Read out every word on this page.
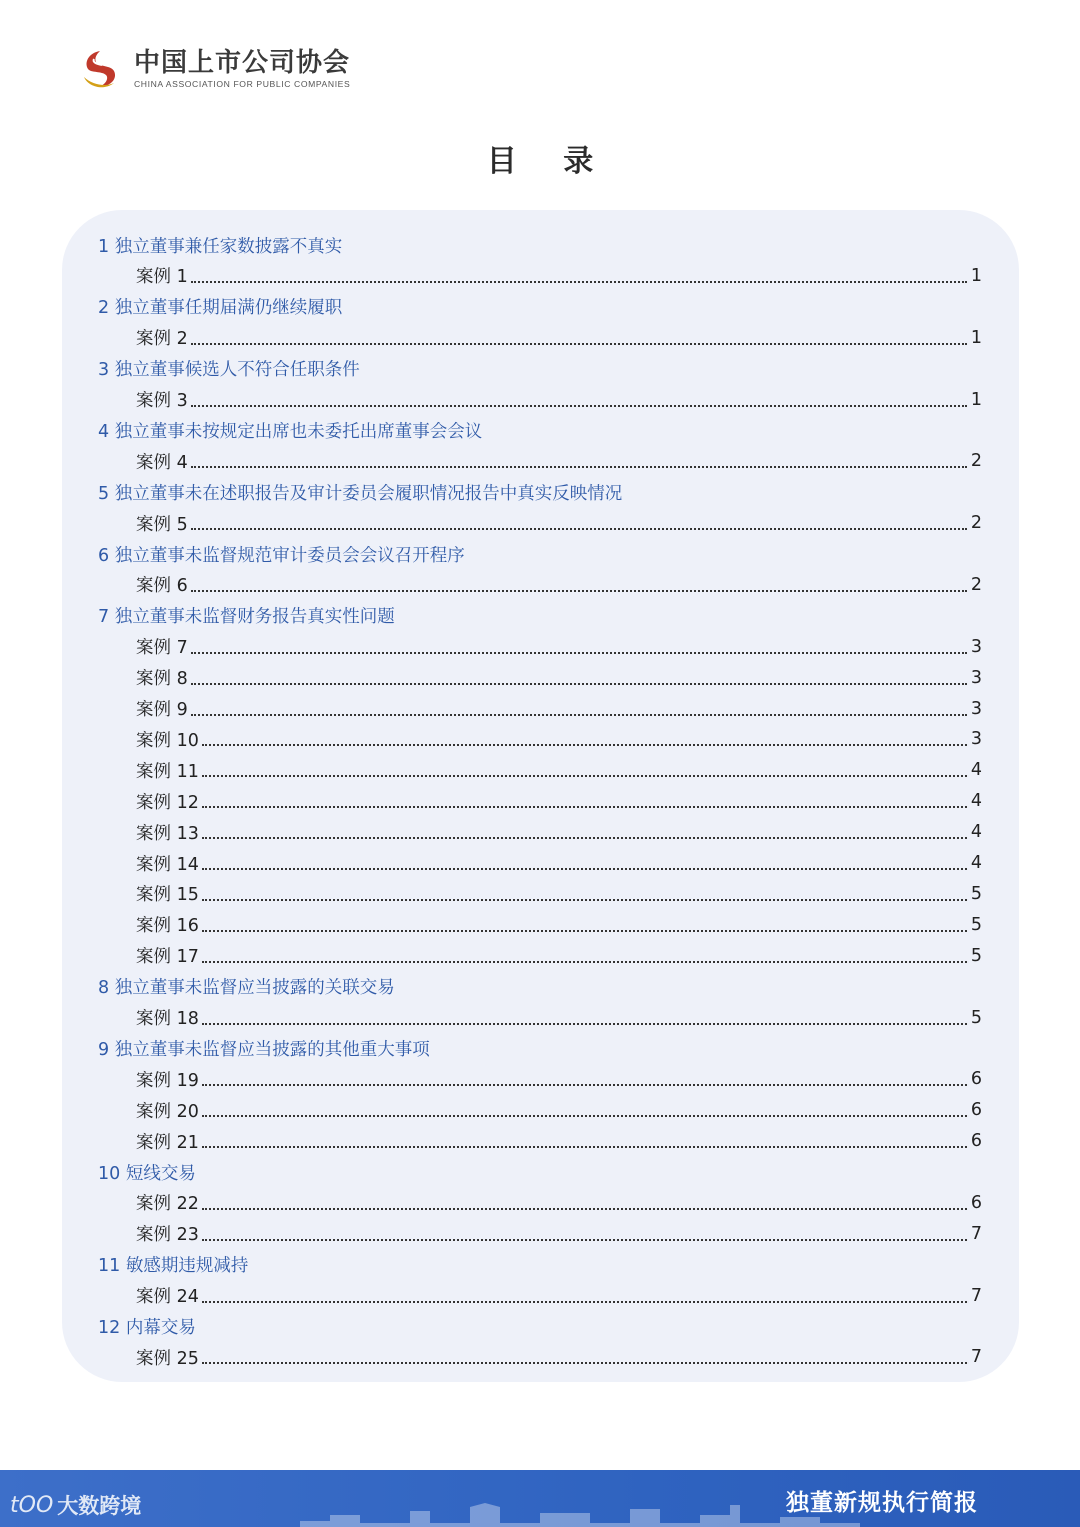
中国上市公司协会
CHINA ASSOCIATION FOR PUBLIC COMPANIES
目 录
1 独立董事兼任家数披露不真实
案例 1	1
2 独立董事任期届满仍继续履职
案例 2	1
3 独立董事候选人不符合任职条件
案例 3	1
4 独立董事未按规定出席也未委托出席董事会会议
案例 4	2
5 独立董事未在述职报告及审计委员会履职情况报告中真实反映情况
案例 5	2
6 独立董事未监督规范审计委员会会议召开程序
案例 6	2
7 独立董事未监督财务报告真实性问题
案例 7	3
案例 8	3
案例 9	3
案例 10	3
案例 11	4
案例 12	4
案例 13	4
案例 14	4
案例 15	5
案例 16	5
案例 17	5
8 独立董事未监督应当披露的关联交易
案例 18	5
9 独立董事未监督应当披露的其他重大事项
案例 19	6
案例 20	6
案例 21	6
10 短线交易
案例 22	6
案例 23	7
11 敏感期违规减持
案例 24	7
12 内幕交易
案例 25	7
tOO 大数跨境	独董新规执行简报
